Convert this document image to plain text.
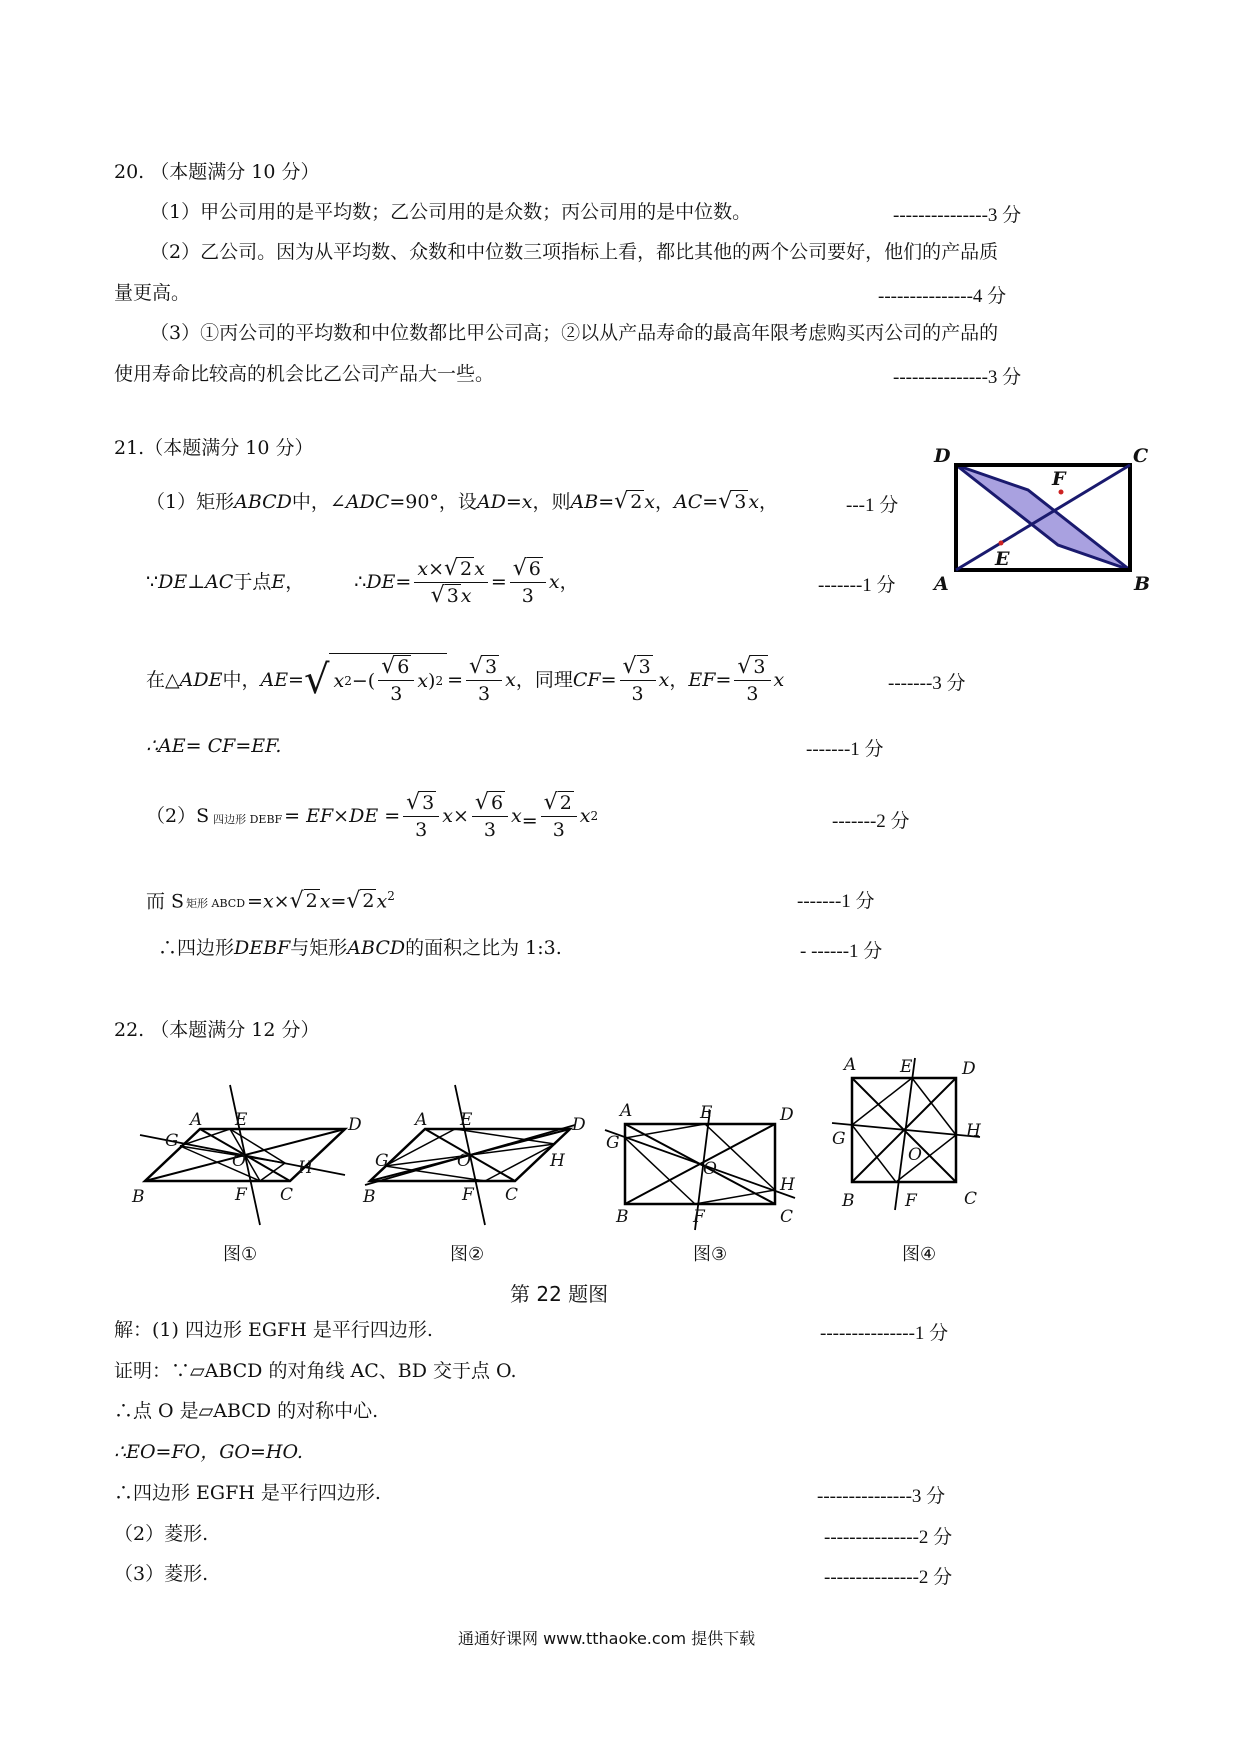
20. （本题满分 10 分）
（1）甲公司用的是平均数；乙公司用的是众数；丙公司用的是中位数。	---------------3 分
（2）乙公司。因为从平均数、众数和中位数三项指标上看，都比其他的两个公司要好，他们的产品质
量更高。	---------------4 分
（3）①丙公司的平均数和中位数都比甲公司高；②以从产品寿命的最高年限考虑购买丙公司的产品的
使用寿命比较高的机会比乙公司产品大一些。	---------------3 分
21.（本题满分 10 分）
（1）矩形ABCD中，∠ADC=90°，设AD=x，则AB=√ 2 x，AC=√ 3 x，	---1 分
∵ DE⊥AC 于点 E ，	∴ $DE= \frac{x\times√ 2 x}{√ 3 x} = \frac{√ 6}{3}$ x ，	-------1 分
在△ ADE 中， AE= √ x 2 −( $\frac{√ 6}{3}$ x ) $2 = \frac{√ 3}{3}$ x ， 同理 $CF= \frac{√ 3}{3}$ x ， $EF= \frac{√ 3}{3}$ x	-------3 分
∴AE= CF=EF.	-------1 分
（2）S 四边形 DEBF = $EF\times DE = \frac{√ 3}{3}$ $x \times \frac{√ 6}{3}$ $x = \frac{√ 2}{3}$ x 2	-------2 分
而 S 矩形 ABCD =x×√ 2 x=√ 2 $x^2$	-------1 分
∴四边形DEBF与矩形ABCD的面积之比为 1:3.	- ------1 分
D	C
A	B
F
E
22. （本题满分 12 分）
A E	D
G
O	H
B	F C
A E	D
G	O	H
B	F C
A	E	D
G
O
H
B	F	C
A	E	D
G
O
H
B	F	C
图①	图②	图③	图④
第 22 题图
解：(1) 四边形 EGFH 是平行四边形.	---------------1 分
证明：∵▱ABCD 的对角线 AC、BD 交于点 O.
∴点 O 是▱ABCD 的对称中心.
∴EO=FO，GO=HO.
∴四边形 EGFH 是平行四边形.	---------------3 分
（2）菱形.	---------------2 分
（3）菱形.	---------------2 分
通通好课网 www.tthaoke.com 提供下载
